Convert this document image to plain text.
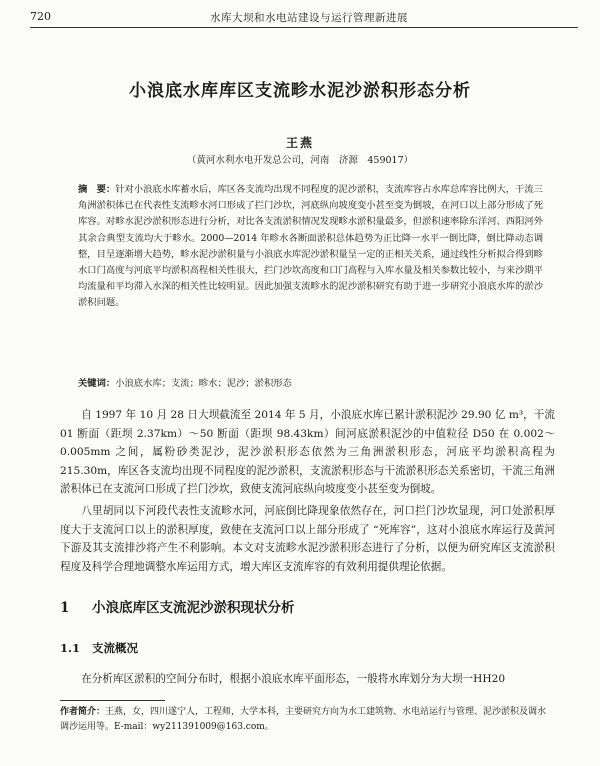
720	水库大坝和水电站建设与运行管理新进展
小浪底水库库区支流畛水泥沙淤积形态分析
王燕
（黄河水利水电开发总公司，河南　济源　459017）
摘　要：针对小浪底水库蓄水后，库区各支流均出现不同程度的泥沙淤积，支流库容占水库总库容比例大，干流三角洲淤积体已在代表性支流畛水河口形成了拦门沙坎，河底纵向坡度变小甚至变为倒坡，在河口以上部分形成了死库容。对畛水泥沙淤积形态进行分析，对比各支流淤积情况发现畛水淤积量最多，但淤积速率除东洋河、西阳河外其余合典型支流均大于畛水。2000—2014 年畛水各断面淤积总体趋势为正比降一水平一倒比降，倒比降动态调整，目呈逐渐增大趋势，畛水泥沙淤积量与小浪底水库泥沙淤积量呈一定的正相关关系，通过线性分析拟合得到畛水口门高度与河底平均淤积高程相关性很大，拦门沙坎高度和口门高程与入库水量及相关参数比较小，与来沙期平均流量和平均滞入水深的相关性比较明显。因此加强支流畛水的泥沙淤积研究有助于进一步研究小浪底水库的淤沙淤积问题。
关键词：小浪底水库；支流；畛水；泥沙；淤积形态
自 1997 年 10 月 28 日大坝截流至 2014 年 5 月，小浪底水库已累计淤积泥沙 29.90 亿 m³，干流 01 断面（距坝 2.37km）～50 断面（距坝 98.43km）间河底淤积泥沙的中值粒径 D50 在 0.002～0.005mm 之间，属粉砂类泥沙，泥沙淤积形态依然为三角洲淤积形态，河底平均淤积高程为 215.30m，库区各支流均出现不同程度的泥沙淤积，支流淤积形态与干流淤积形态关系密切，干流三角洲淤积体已在支流河口形成了拦门沙坎，致使支流河底纵向坡度变小甚至变为倒坡。
八里胡同以下河段代表性支流畛水河，河底倒比降现象依然存在，河口拦门沙坎显现，河口处淤积厚度大于支流河口以上的淤积厚度，致使在支流河口以上部分形成了 “死库容”，这对小浪底水库运行及黄河下游及其支流排沙将产生不利影响。本文对支流畛水泥沙淤积形态进行了分析，以便为研究库区支流淤积程度及科学合理地调整水库运用方式，增大库区支流库容的有效利用提供理论依据。
1 小浪底库区支流泥沙淤积现状分析
1.1 支流概况
在分析库区淤积的空间分布时，根据小浪底水库平面形态，一般将水库划分为大坝一HH20
作者简介：王燕，女，四川遂宁人，工程师，大学本科，主要研究方向为水工建筑物、水电站运行与管理、泥沙淤积及调水调沙运用等。E-mail：wy211391009@163.com。
